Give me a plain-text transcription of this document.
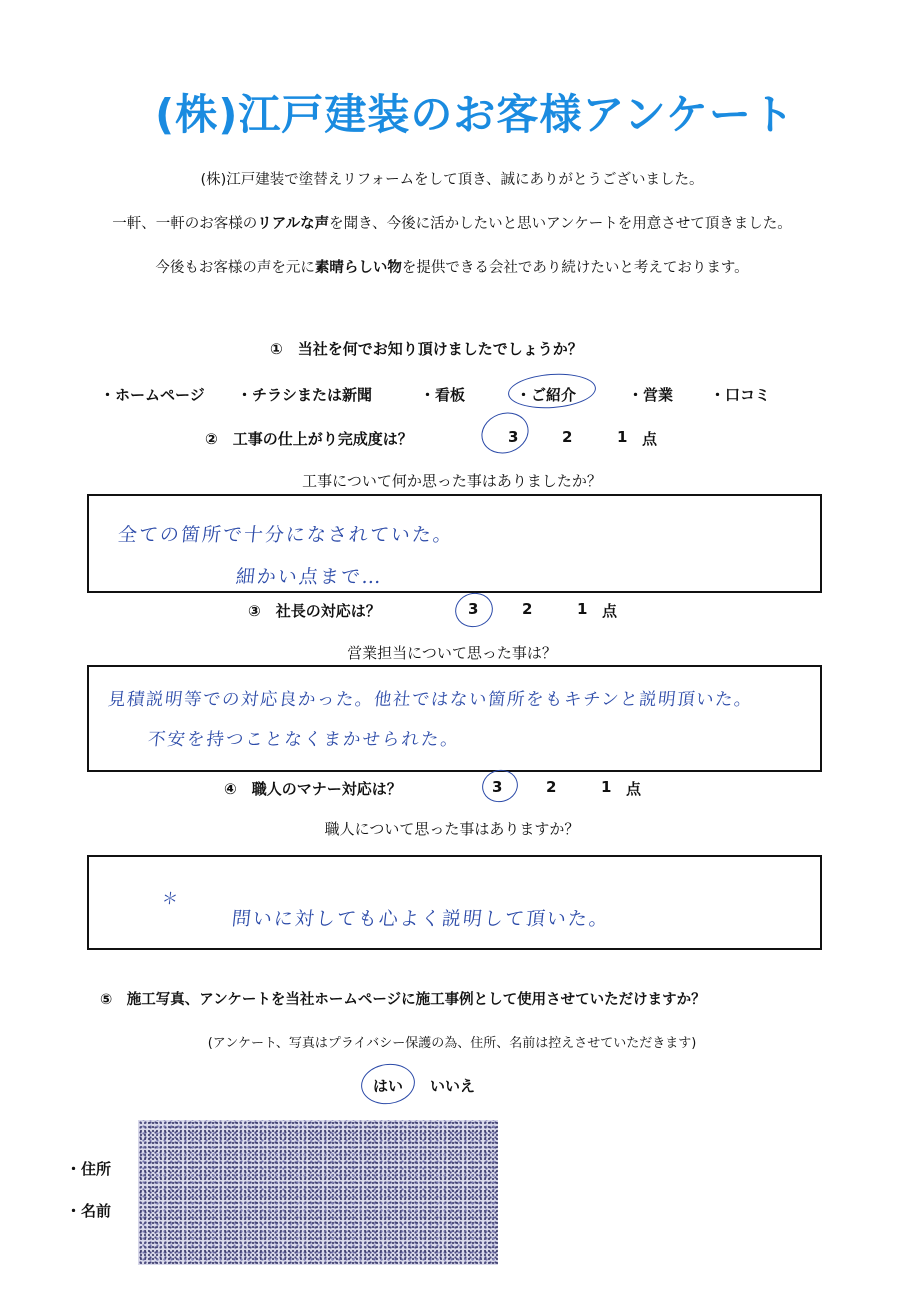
(株)江戸建装のお客様アンケート
(株)江戸建装で塗替えリフォームをして頂き、誠にありがとうございました。
一軒、一軒のお客様のリアルな声を聞き、今後に活かしたいと思いアンケートを用意させて頂きました。
今後もお客様の声を元に素晴らしい物を提供できる会社であり続けたいと考えております。
①　当社を何でお知り頂けましたでしょうか？
・ホームページ ・チラシまたは新聞	・看板	・ご紹介	・営業 ・口コミ
②　工事の仕上がり完成度は？	3	2	1 点
工事について何か思った事はありましたか？
全ての箇所で十分になされていた。
細かい点まで…
③　社長の対応は？	3	2	1 点
営業担当について思った事は？
見積説明等での対応良かった。他社ではない箇所をもキチンと説明頂いた。
不安を持つことなくまかせられた。
④　職人のマナー対応は？	3	2	1 点
職人について思った事はありますか？
＊
問いに対しても心よく説明して頂いた。
⑤　施工写真、アンケートを当社ホームページに施工事例として使用させていただけますか？
(アンケート、写真はプライバシー保護の為、住所、名前は控えさせていただきます)
はい いいえ
・住所
・名前
